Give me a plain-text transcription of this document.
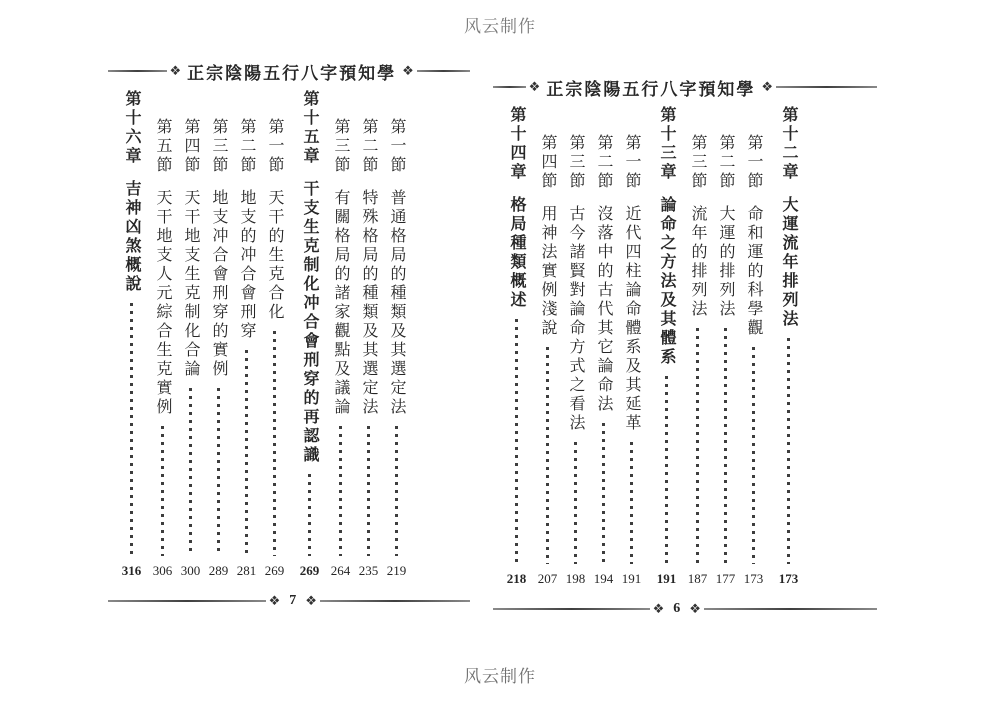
风云制作
❖ 正宗陰陽五行八字預知學 ❖
第一節
普通格局的種類及其選定法
219
第二節
特殊格局的種類及其選定法
235
第三節
有關格局的諸家觀點及議論
264
第十五章
干支生克制化冲合會刑穿的再認識
269
第一節
天干的生克合化
269
第二節
地支的冲合會刑穿
281
第三節
地支冲合會刑穿的實例
289
第四節
天干地支生克制化合論
300
第五節
天干地支人元綜合生克實例
306
第十六章
吉神凶煞概說
316
❖ 7 ❖
❖ 正宗陰陽五行八字預知學 ❖
第十二章
大運流年排列法
173
第一節
命和運的科學觀
173
第二節
大運的排列法
177
第三節
流年的排列法
187
第十三章
論命之方法及其體系
191
第一節
近代四柱論命體系及其延革
191
第二節
沒落中的古代其它論命法
194
第三節
古今諸賢對論命方式之看法
198
第四節
用神法實例淺說
207
第十四章
格局種類概述
218
❖ 6 ❖
风云制作
